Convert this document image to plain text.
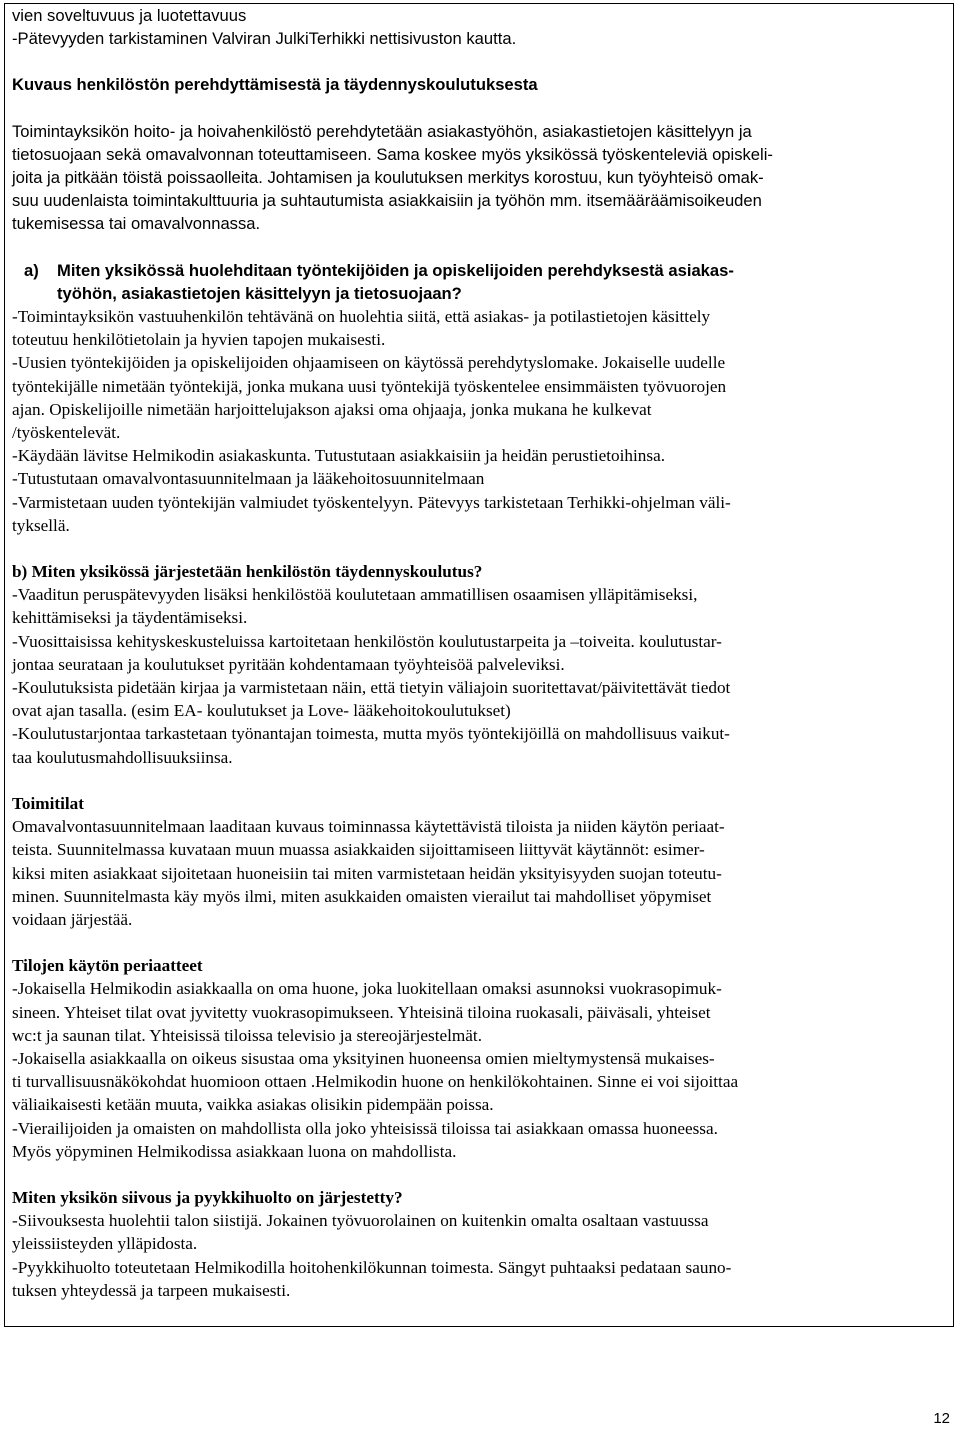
vien soveltuvuus ja luotettavuus
-Pätevyyden tarkistaminen Valviran JulkiTerhikki nettisivuston kautta.
Kuvaus henkilöstön perehdyttämisestä ja täydennyskoulutuksesta
Toimintayksikön hoito- ja hoivahenkilöstö perehdytetään asiakastyöhön, asiakastietojen käsittelyyn ja
tietosuojaan sekä omavalvonnan toteuttamiseen. Sama koskee myös yksikössä työskenteleviä opiskeli-
joita ja pitkään töistä poissaolleita. Johtamisen ja koulutuksen merkitys korostuu, kun työyhteisö omak-
suu uudenlaista toimintakulttuuria ja suhtautumista asiakkaisiin ja työhön mm. itsemääräämisoikeuden
tukemisessa tai omavalvonnassa.
a) Miten yksikössä huolehditaan työntekijöiden ja opiskelijoiden perehdyksestä asiakas-
työhön, asiakastietojen käsittelyyn ja tietosuojaan?
-Toimintayksikön vastuuhenkilön tehtävänä on huolehtia siitä, että asiakas- ja potilastietojen käsittely
toteutuu henkilötietolain ja hyvien tapojen mukaisesti.
-Uusien työntekijöiden ja opiskelijoiden ohjaamiseen on käytössä perehdytyslomake. Jokaiselle uudelle
työntekijälle nimetään työntekijä, jonka mukana uusi työntekijä työskentelee ensimmäisten työvuorojen
ajan. Opiskelijoille nimetään harjoittelujakson ajaksi oma ohjaaja, jonka mukana he kulkevat
/työskentelevät.
-Käydään lävitse Helmikodin asiakaskunta. Tutustutaan asiakkaisiin ja heidän perustietoihinsa.
-Tutustutaan omavalvontasuunnitelmaan ja lääkehoitosuunnitelmaan
-Varmistetaan uuden työntekijän valmiudet työskentelyyn. Pätevyys tarkistetaan Terhikki-ohjelman väli-
tyksellä.
b) Miten yksikössä järjestetään henkilöstön täydennyskoulutus?
-Vaaditun peruspätevyyden lisäksi henkilöstöä koulutetaan ammatillisen osaamisen ylläpitämiseksi,
kehittämiseksi ja täydentämiseksi.
-Vuosittaisissa kehityskeskusteluissa kartoitetaan henkilöstön koulutustarpeita ja –toiveita. koulutustar-
jontaa seurataan ja koulutukset pyritään kohdentamaan työyhteisöä palveleviksi.
-Koulutuksista pidetään kirjaa ja varmistetaan näin, että tietyin väliajoin suoritettavat/päivitettävät tiedot
ovat ajan tasalla. (esim EA- koulutukset ja Love- lääkehoitokoulutukset)
-Koulutustarjontaa tarkastetaan työnantajan toimesta, mutta myös työntekijöillä on mahdollisuus vaikut-
taa koulutusmahdollisuuksiinsa.
Toimitilat
Omavalvontasuunnitelmaan laaditaan kuvaus toiminnassa käytettävistä tiloista ja niiden käytön periaat-
teista. Suunnitelmassa kuvataan muun muassa asiakkaiden sijoittamiseen liittyvät käytännöt: esimer-
kiksi miten asiakkaat sijoitetaan huoneisiin tai miten varmistetaan heidän yksityisyyden suojan toteutu-
minen. Suunnitelmasta käy myös ilmi, miten asukkaiden omaisten vierailut tai mahdolliset yöpymiset
voidaan järjestää.
Tilojen käytön periaatteet
-Jokaisella Helmikodin asiakkaalla on oma huone, joka luokitellaan omaksi asunnoksi vuokrasopimuk-
sineen. Yhteiset tilat ovat jyvitetty vuokrasopimukseen. Yhteisinä tiloina ruokasali, päiväsali, yhteiset
wc:t ja saunan tilat. Yhteisissä tiloissa televisio ja stereojärjestelmät.
-Jokaisella asiakkaalla on oikeus sisustaa oma yksityinen huoneensa omien mieltymystensä mukaises-
ti turvallisuusnäkökohdat huomioon ottaen .Helmikodin huone on henkilökohtainen. Sinne ei voi sijoittaa
väliaikaisesti ketään muuta, vaikka asiakas olisikin pidempään poissa.
-Vierailijoiden ja omaisten on mahdollista olla joko yhteisissä tiloissa tai asiakkaan omassa huoneessa.
Myös yöpyminen Helmikodissa asiakkaan luona on mahdollista.
Miten yksikön siivous ja pyykkihuolto on järjestetty?
-Siivouksesta huolehtii talon siistijä. Jokainen työvuorolainen on kuitenkin omalta osaltaan vastuussa
yleissiisteyden ylläpidosta.
-Pyykkihuolto toteutetaan Helmikodilla hoitohenkilökunnan toimesta. Sängyt puhtaaksi pedataan sauno-
tuksen yhteydessä ja tarpeen mukaisesti.
12
